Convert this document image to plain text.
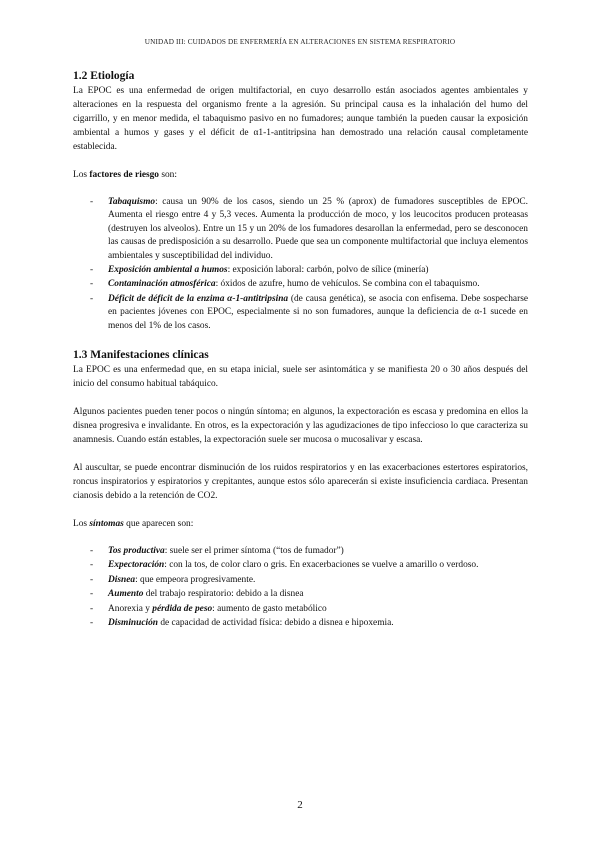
UNIDAD III: CUIDADOS DE ENFERMERÍA EN ALTERACIONES EN SISTEMA RESPIRATORIO
1.2 Etiología

La EPOC es una enfermedad de origen multifactorial, en cuyo desarrollo están asociados agentes ambientales y alteraciones en la respuesta del organismo frente a la agresión. Su principal causa es la inhalación del humo del cigarrillo, y en menor medida, el tabaquismo pasivo en no fumadores; aunque también la pueden causar la exposición ambiental a humos y gases y el déficit de α1-1-antitripsina han demostrado una relación causal completamente establecida.

Los factores de riesgo son:

- Tabaquismo: causa un 90% de los casos, siendo un 25 % (aprox) de fumadores susceptibles de EPOC. Aumenta el riesgo entre 4 y 5,3 veces. Aumenta la producción de moco, y los leucocitos producen proteasas (destruyen los alveolos). Entre un 15 y un 20% de los fumadores desarollan la enfermedad, pero se desconocen las causas de predisposición a su desarrollo. Puede que sea un componente multifactorial que incluya elementos ambientales y susceptibilidad del individuo.
- Exposición ambiental a humos: exposición laboral: carbón, polvo de sílice (minería)
- Contaminación atmosférica: óxidos de azufre, humo de vehículos. Se combina con el tabaquismo.
- Déficit de déficit de la enzima α-1-antitripsina (de causa genética), se asocia con enfisema. Debe sospecharse en pacientes jóvenes con EPOC, especialmente si no son fumadores, aunque la deficiencia de α-1 sucede en menos del 1% de los casos.
1.3 Manifestaciones clínicas

La EPOC es una enfermedad que, en su etapa inicial, suele ser asintomática y se manifiesta 20 o 30 años después del inicio del consumo habitual tabáquico.

Algunos pacientes pueden tener pocos o ningún síntoma; en algunos, la expectoración es escasa y predomina en ellos la disnea progresiva e invalidante. En otros, es la expectoración y las agudizaciones de tipo infeccioso lo que caracteriza su anamnesis. Cuando están estables, la expectoración suele ser mucosa o mucosalivar y escasa.

Al auscultar, se puede encontrar disminución de los ruidos respiratorios y en las exacerbaciones estertores espiratorios, roncus inspiratorios y espiratorios y crepitantes, aunque estos sólo aparecerán si existe insuficiencia cardiaca. Presentan cianosis debido a la retención de CO2.

Los síntomas que aparecen son:

- Tos productiva: suele ser el primer síntoma (“tos de fumador”)
- Expectoración: con la tos, de color claro o gris. En exacerbaciones se vuelve a amarillo o verdoso.
- Disnea: que empeora progresivamente.
- Aumento del trabajo respiratorio: debido a la disnea
- Anorexia y pérdida de peso: aumento de gasto metabólico
- Disminución de capacidad de actividad física: debido a disnea e hipoxemia.
2
